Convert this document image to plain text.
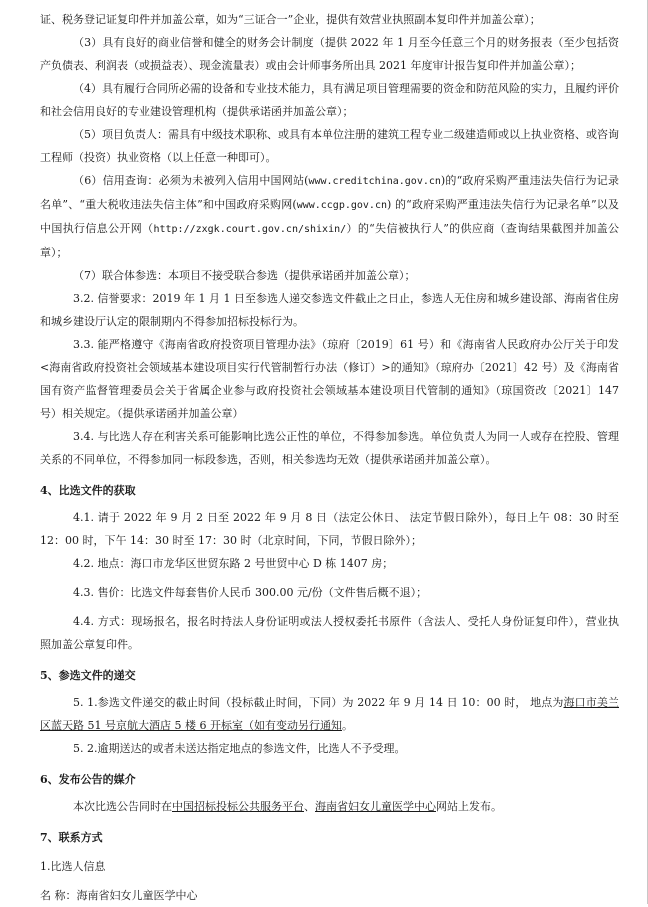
证、税务登记证复印件并加盖公章，如为“三证合一”企业，提供有效营业执照副本复印件并加盖公章）；

（3）具有良好的商业信誉和健全的财务会计制度（提供 2022 年 1 月至今任意三个月的财务报表（至少包括资产负债表、利润表（或损益表）、现金流量表）或由会计师事务所出具 2021 年度审计报告复印件并加盖公章）；

（4）具有履行合同所必需的设备和专业技术能力，具有满足项目管理需要的资金和防范风险的实力，且履约评价和社会信用良好的专业建设管理机构（提供承诺函并加盖公章）；

（5）项目负责人：需具有中级技术职称、或具有本单位注册的建筑工程专业二级建造师或以上执业资格、或咨询工程师（投资）执业资格（以上任意一种即可）。

（6）信用查询：必须为未被列入信用中国网站(www.creditchina.gov.cn)的“政府采购严重违法失信行为记录名单”、“重大税收违法失信主体”和中国政府采购网(www.ccgp.gov.cn) 的“政府采购严重违法失信行为记录名单”以及中国执行信息公开网（http://zxgk.court.gov.cn/shixin/）的“失信被执行人”的供应商（查询结果截图并加盖公章）；

（7）联合体参选：本项目不接受联合参选（提供承诺函并加盖公章）；

3.2. 信誉要求：2019 年 1 月 1 日至参选人递交参选文件截止之日止，参选人无住房和城乡建设部、海南省住房和城乡建设厅认定的限制期内不得参加招标投标行为。

3.3. 能严格遵守《海南省政府投资项目管理办法》（琼府〔2019〕61 号）和《海南省人民政府办公厅关于印发<海南省政府投资社会领域基本建设项目实行代管制暂行办法（修订）>的通知》（琼府办〔2021〕42 号）及《海南省国有资产监督管理委员会关于省属企业参与政府投资社会领域基本建设项目代管制的通知》（琼国资改〔2021〕147 号）相关规定。（提供承诺函并加盖公章）

3.4. 与比选人存在利害关系可能影响比选公正性的单位，不得参加参选。单位负责人为同一人或存在控股、管理关系的不同单位，不得参加同一标段参选，否则，相关参选均无效（提供承诺函并加盖公章）。

4、比选文件的获取

4.1. 请于 2022 年 9 月 2 日至 2022 年 9 月 8 日（法定公休日、 法定节假日除外），每日上午 08：30 时至 12：00 时，下午 14：30 时至 17：30 时（北京时间，下同，节假日除外）；

4.2. 地点：海口市龙华区世贸东路 2 号世贸中心 D 栋 1407 房；

4.3. 售价：比选文件每套售价人民币 300.00 元/份（文件售后概不退）；

4.4. 方式：现场报名，报名时持法人身份证明或法人授权委托书原件（含法人、受托人身份证复印件），营业执照加盖公章复印件。

5、参选文件的递交

5. 1.参选文件递交的截止时间（投标截止时间，下同）为 2022 年 9 月 14 日 10：00 时， 地点为海口市美兰区蓝天路 51 号京航大酒店 5 楼 6 开标室（如有变动另行通知。

5. 2.逾期送达的或者未送达指定地点的参选文件，比选人不予受理。

6、发布公告的媒介

本次比选公告同时在中国招标投标公共服务平台、海南省妇女儿童医学中心网站上发布。

7、联系方式

1.比选人信息

名 称：海南省妇女儿童医学中心
